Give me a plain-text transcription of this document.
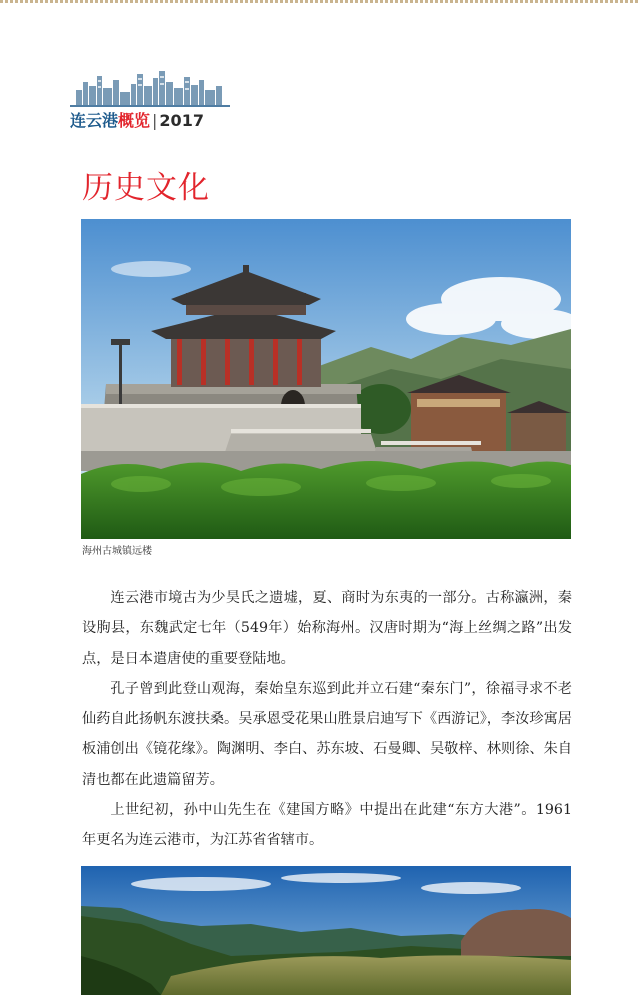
连云港概览 | 2017
历史文化
海州古城镇远楼

连云港市境古为少昊氏之遗墟，夏、商时为东夷的一部分。古称瀛洲，秦设朐县，东魏武定七年（549年）始称海州。汉唐时期为“海上丝绸之路”出发点，是日本遣唐使的重要登陆地。

孔子曾到此登山观海，秦始皇东巡到此并立石建“秦东门”，徐福寻求不老仙药自此扬帆东渡扶桑。吴承恩受花果山胜景启迪写下《西游记》，李汝珍寓居板浦创出《镜花缘》。陶渊明、李白、苏东坡、石曼卿、吴敬梓、林则徐、朱自清也都在此遗篇留芳。

上世纪初，孙中山先生在《建国方略》中提出在此建“东方大港”。1961年更名为连云港市，为江苏省省辖市。
